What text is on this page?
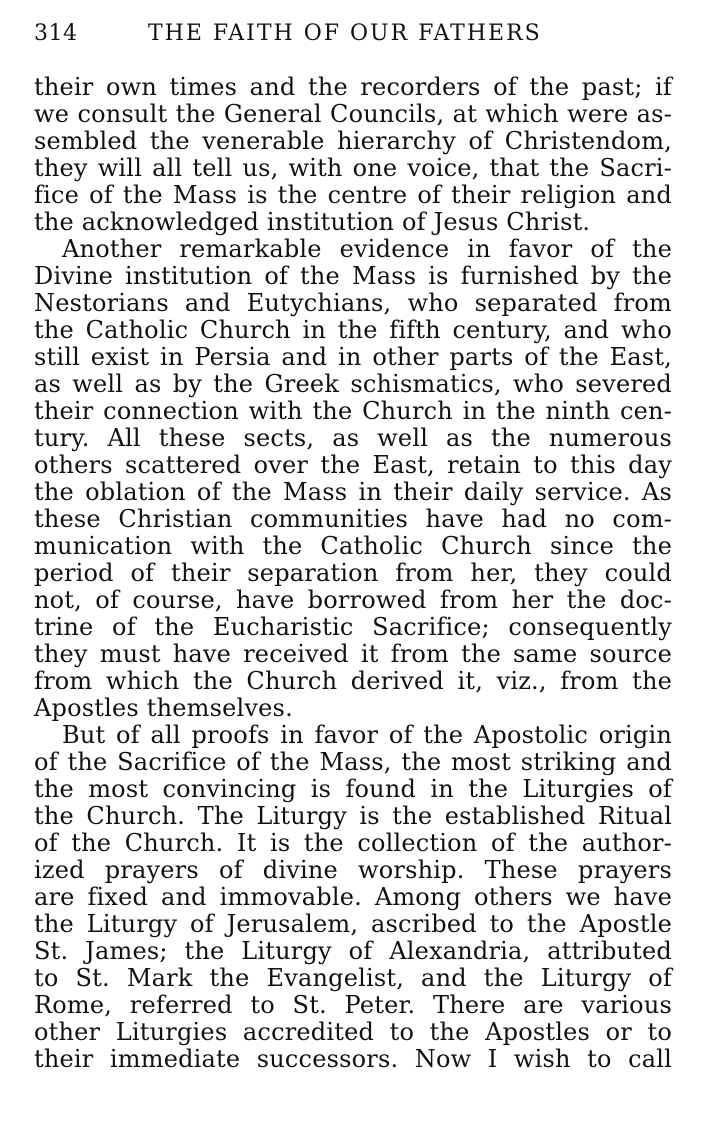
314	THE FAITH OF OUR FATHERS
their own times and the recorders of the past; if
we consult the General Councils, at which were as-
sembled the venerable hierarchy of Christendom,
they will all tell us, with one voice, that the Sacri-
fice of the Mass is the centre of their religion and
the acknowledged institution of Jesus Christ.
Another remarkable evidence in favor of the
Divine institution of the Mass is furnished by the
Nestorians and Eutychians, who separated from
the Catholic Church in the fifth century, and who
still exist in Persia and in other parts of the East,
as well as by the Greek schismatics, who severed
their connection with the Church in the ninth cen-
tury. All these sects, as well as the numerous
others scattered over the East, retain to this day
the oblation of the Mass in their daily service. As
these Christian communities have had no com-
munication with the Catholic Church since the
period of their separation from her, they could
not, of course, have borrowed from her the doc-
trine of the Eucharistic Sacrifice; consequently
they must have received it from the same source
from which the Church derived it, viz., from the
Apostles themselves.
But of all proofs in favor of the Apostolic origin
of the Sacrifice of the Mass, the most striking and
the most convincing is found in the Liturgies of
the Church. The Liturgy is the established Ritual
of the Church. It is the collection of the author-
ized prayers of divine worship. These prayers
are fixed and immovable. Among others we have
the Liturgy of Jerusalem, ascribed to the Apostle
St. James; the Liturgy of Alexandria, attributed
to St. Mark the Evangelist, and the Liturgy of
Rome, referred to St. Peter. There are various
other Liturgies accredited to the Apostles or to
their immediate successors. Now I wish to call
